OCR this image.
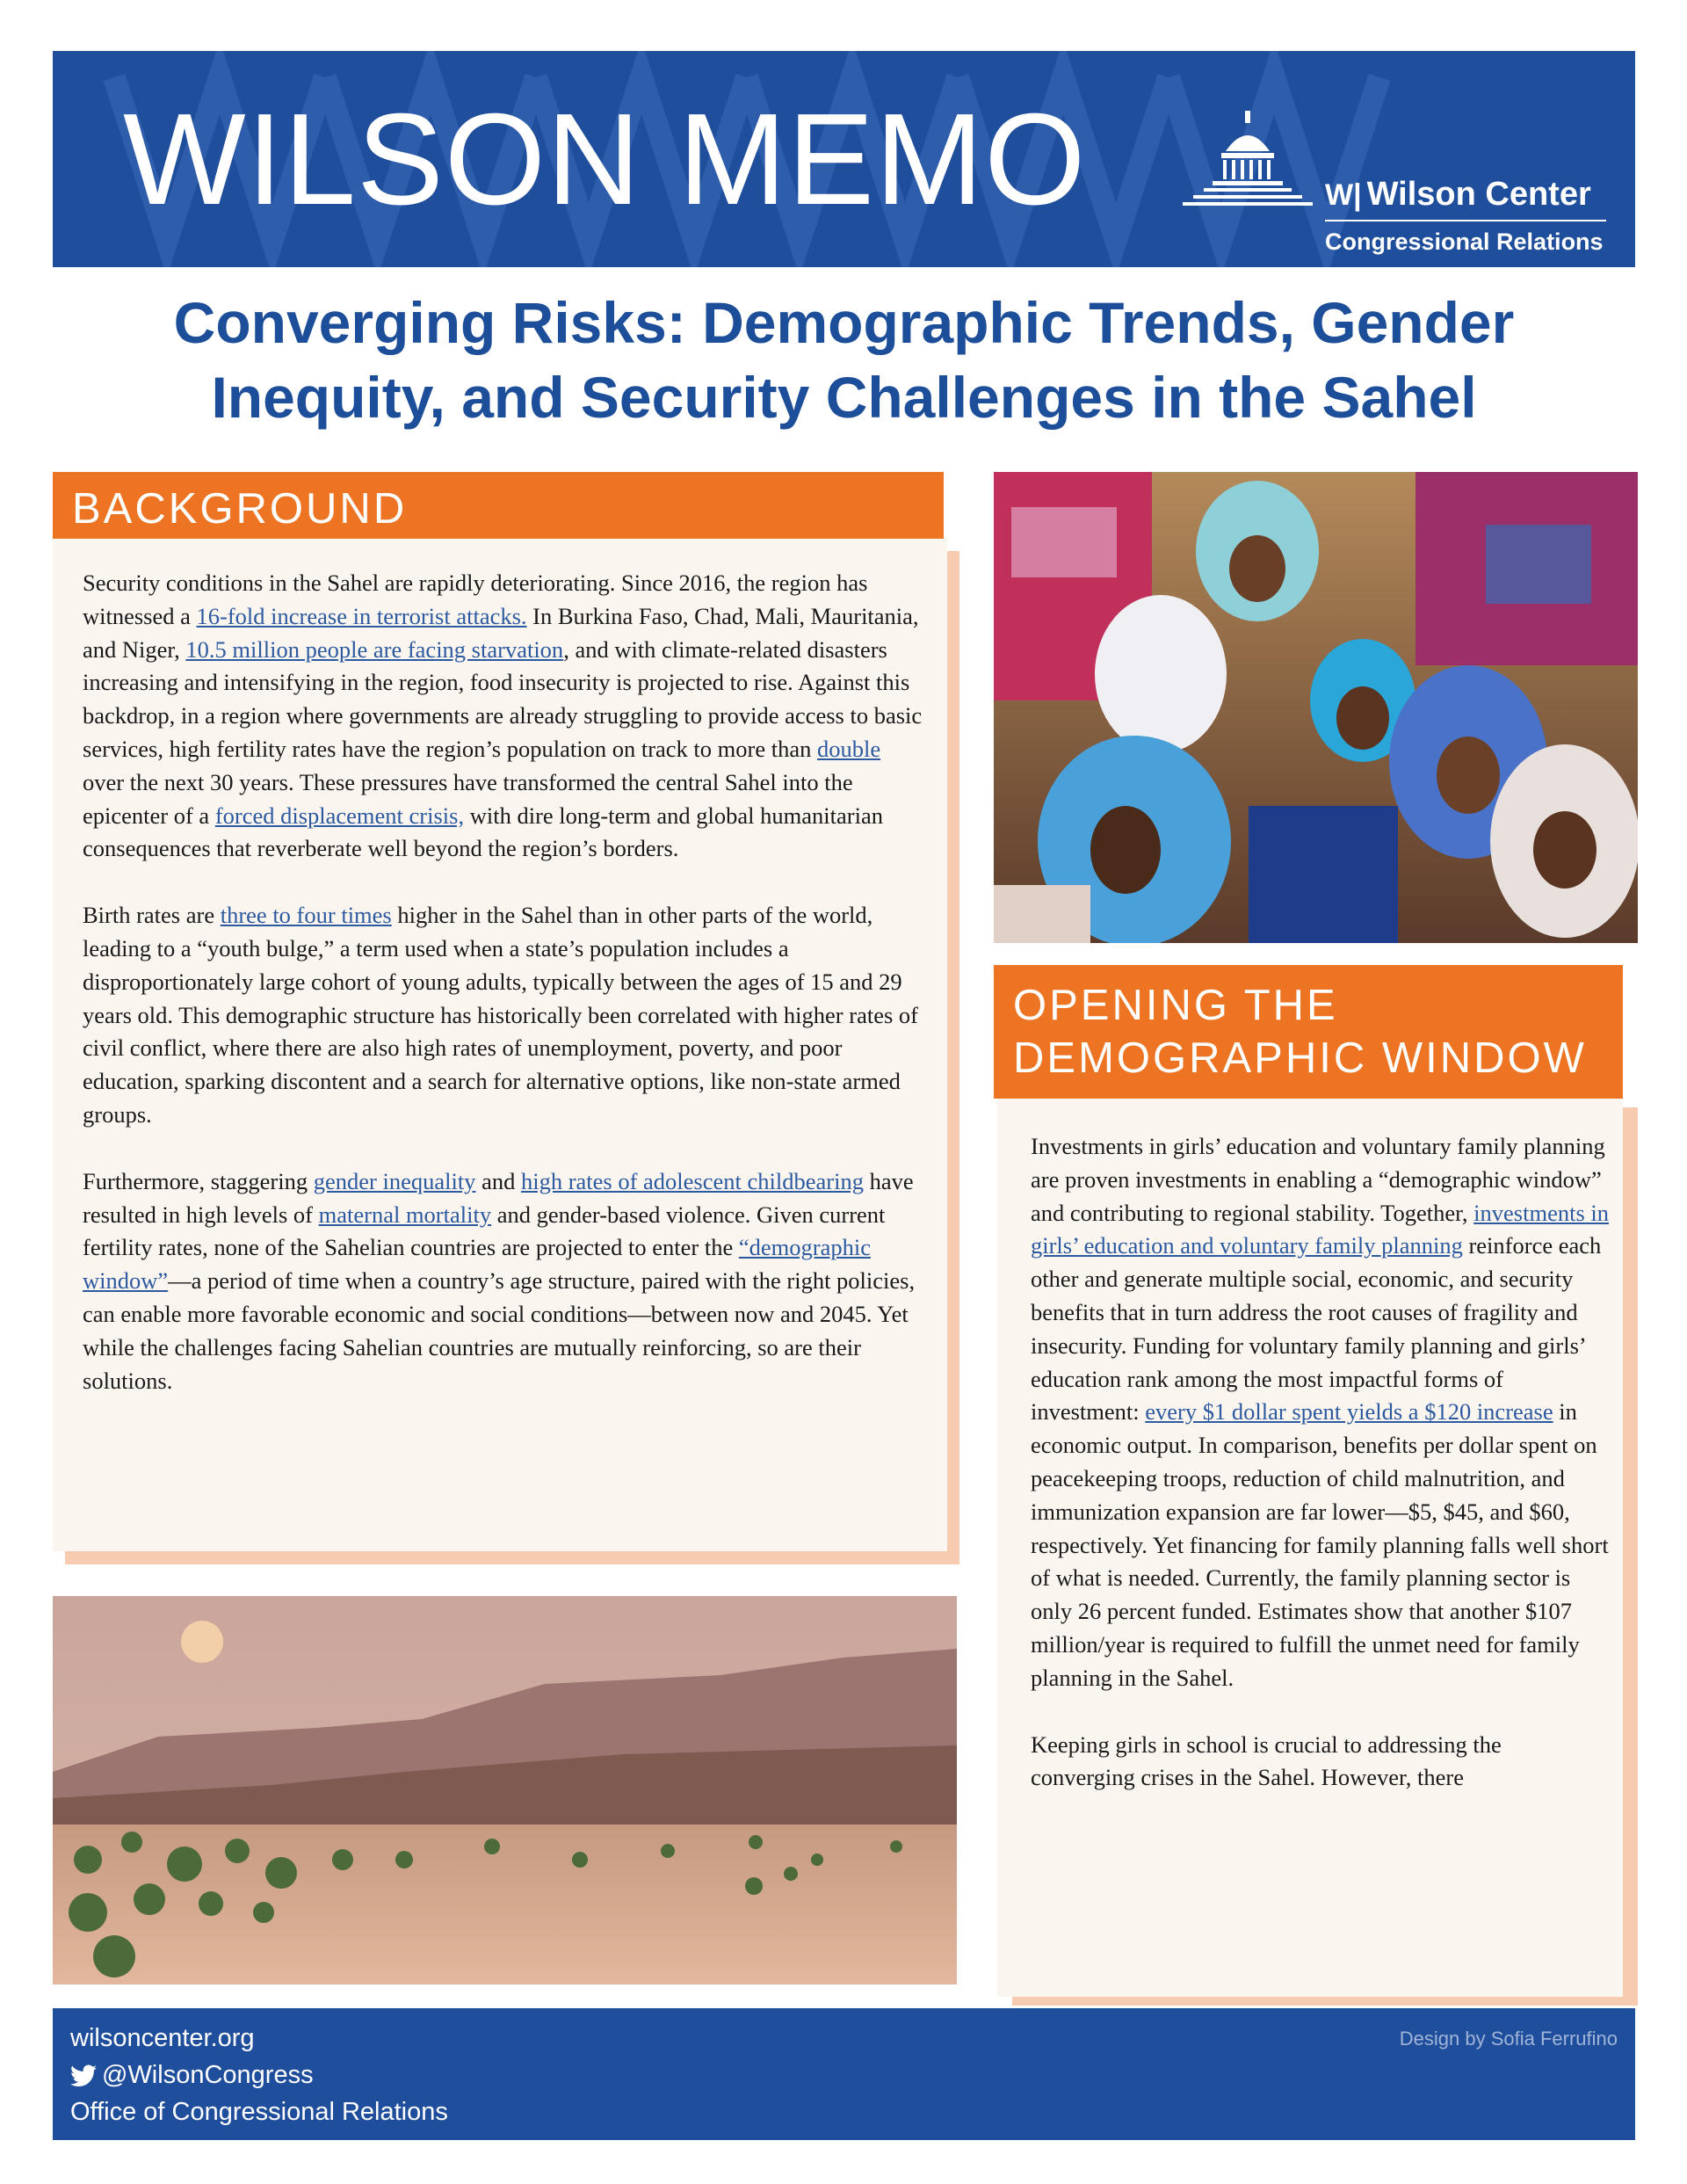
WILSON MEMO	W| Wilson Center
Congressional Relations
Converging Risks: Demographic Trends, Gender
Inequity, and Security Challenges in the Sahel
BACKGROUND

Security conditions in the Sahel are rapidly deteriorating. Since 2016, the region has witnessed a 16-fold increase in terrorist attacks. In Burkina Faso, Chad, Mali, Mauritania, and Niger, 10.5 million people are facing starvation, and with climate-related disasters increasing and intensifying in the region, food insecurity is projected to rise. Against this backdrop, in a region where governments are already struggling to provide access to basic services, high fertility rates have the region’s population on track to more than double over the next 30 years. These pressures have transformed the central Sahel into the epicenter of a forced displacement crisis, with dire long-term and global humanitarian consequences that reverberate well beyond the region’s borders.

Birth rates are three to four times higher in the Sahel than in other parts of the world, leading to a “youth bulge,” a term used when a state’s population includes a disproportionately large cohort of young adults, typically between the ages of 15 and 29 years old. This demographic structure has historically been correlated with higher rates of civil conflict, where there are also high rates of unemployment, poverty, and poor education, sparking discontent and a search for alternative options, like non-state armed groups.

Furthermore, staggering gender inequality and high rates of adolescent childbearing have resulted in high levels of maternal mortality and gender-based violence. Given current fertility rates, none of the Sahelian countries are projected to enter the “demographic window”—a period of time when a country’s age structure, paired with the right policies, can enable more favorable economic and social conditions—between now and 2045. Yet while the challenges facing Sahelian countries are mutually reinforcing, so are their solutions.

OPENING THE
DEMOGRAPHIC WINDOW

Investments in girls’ education and voluntary family planning are proven investments in enabling a “demographic window” and contributing to regional stability. Together, investments in girls’ education and voluntary family planning reinforce each other and generate multiple social, economic, and security benefits that in turn address the root causes of fragility and insecurity. Funding for voluntary family planning and girls’ education rank among the most impactful forms of investment: every $1 dollar spent yields a $120 increase in economic output. In comparison, benefits per dollar spent on peacekeeping troops, reduction of child malnutrition, and immunization expansion are far lower—$5, $45, and $60, respectively. Yet financing for family planning falls well short of what is needed. Currently, the family planning sector is only 26 percent funded. Estimates show that another $107 million/year is required to fulfill the unmet need for family planning in the Sahel.

Keeping girls in school is crucial to addressing the converging crises in the Sahel. However, there

wilsoncenter.org
@WilsonCongress
Office of Congressional Relations
Design by Sofia Ferrufino
